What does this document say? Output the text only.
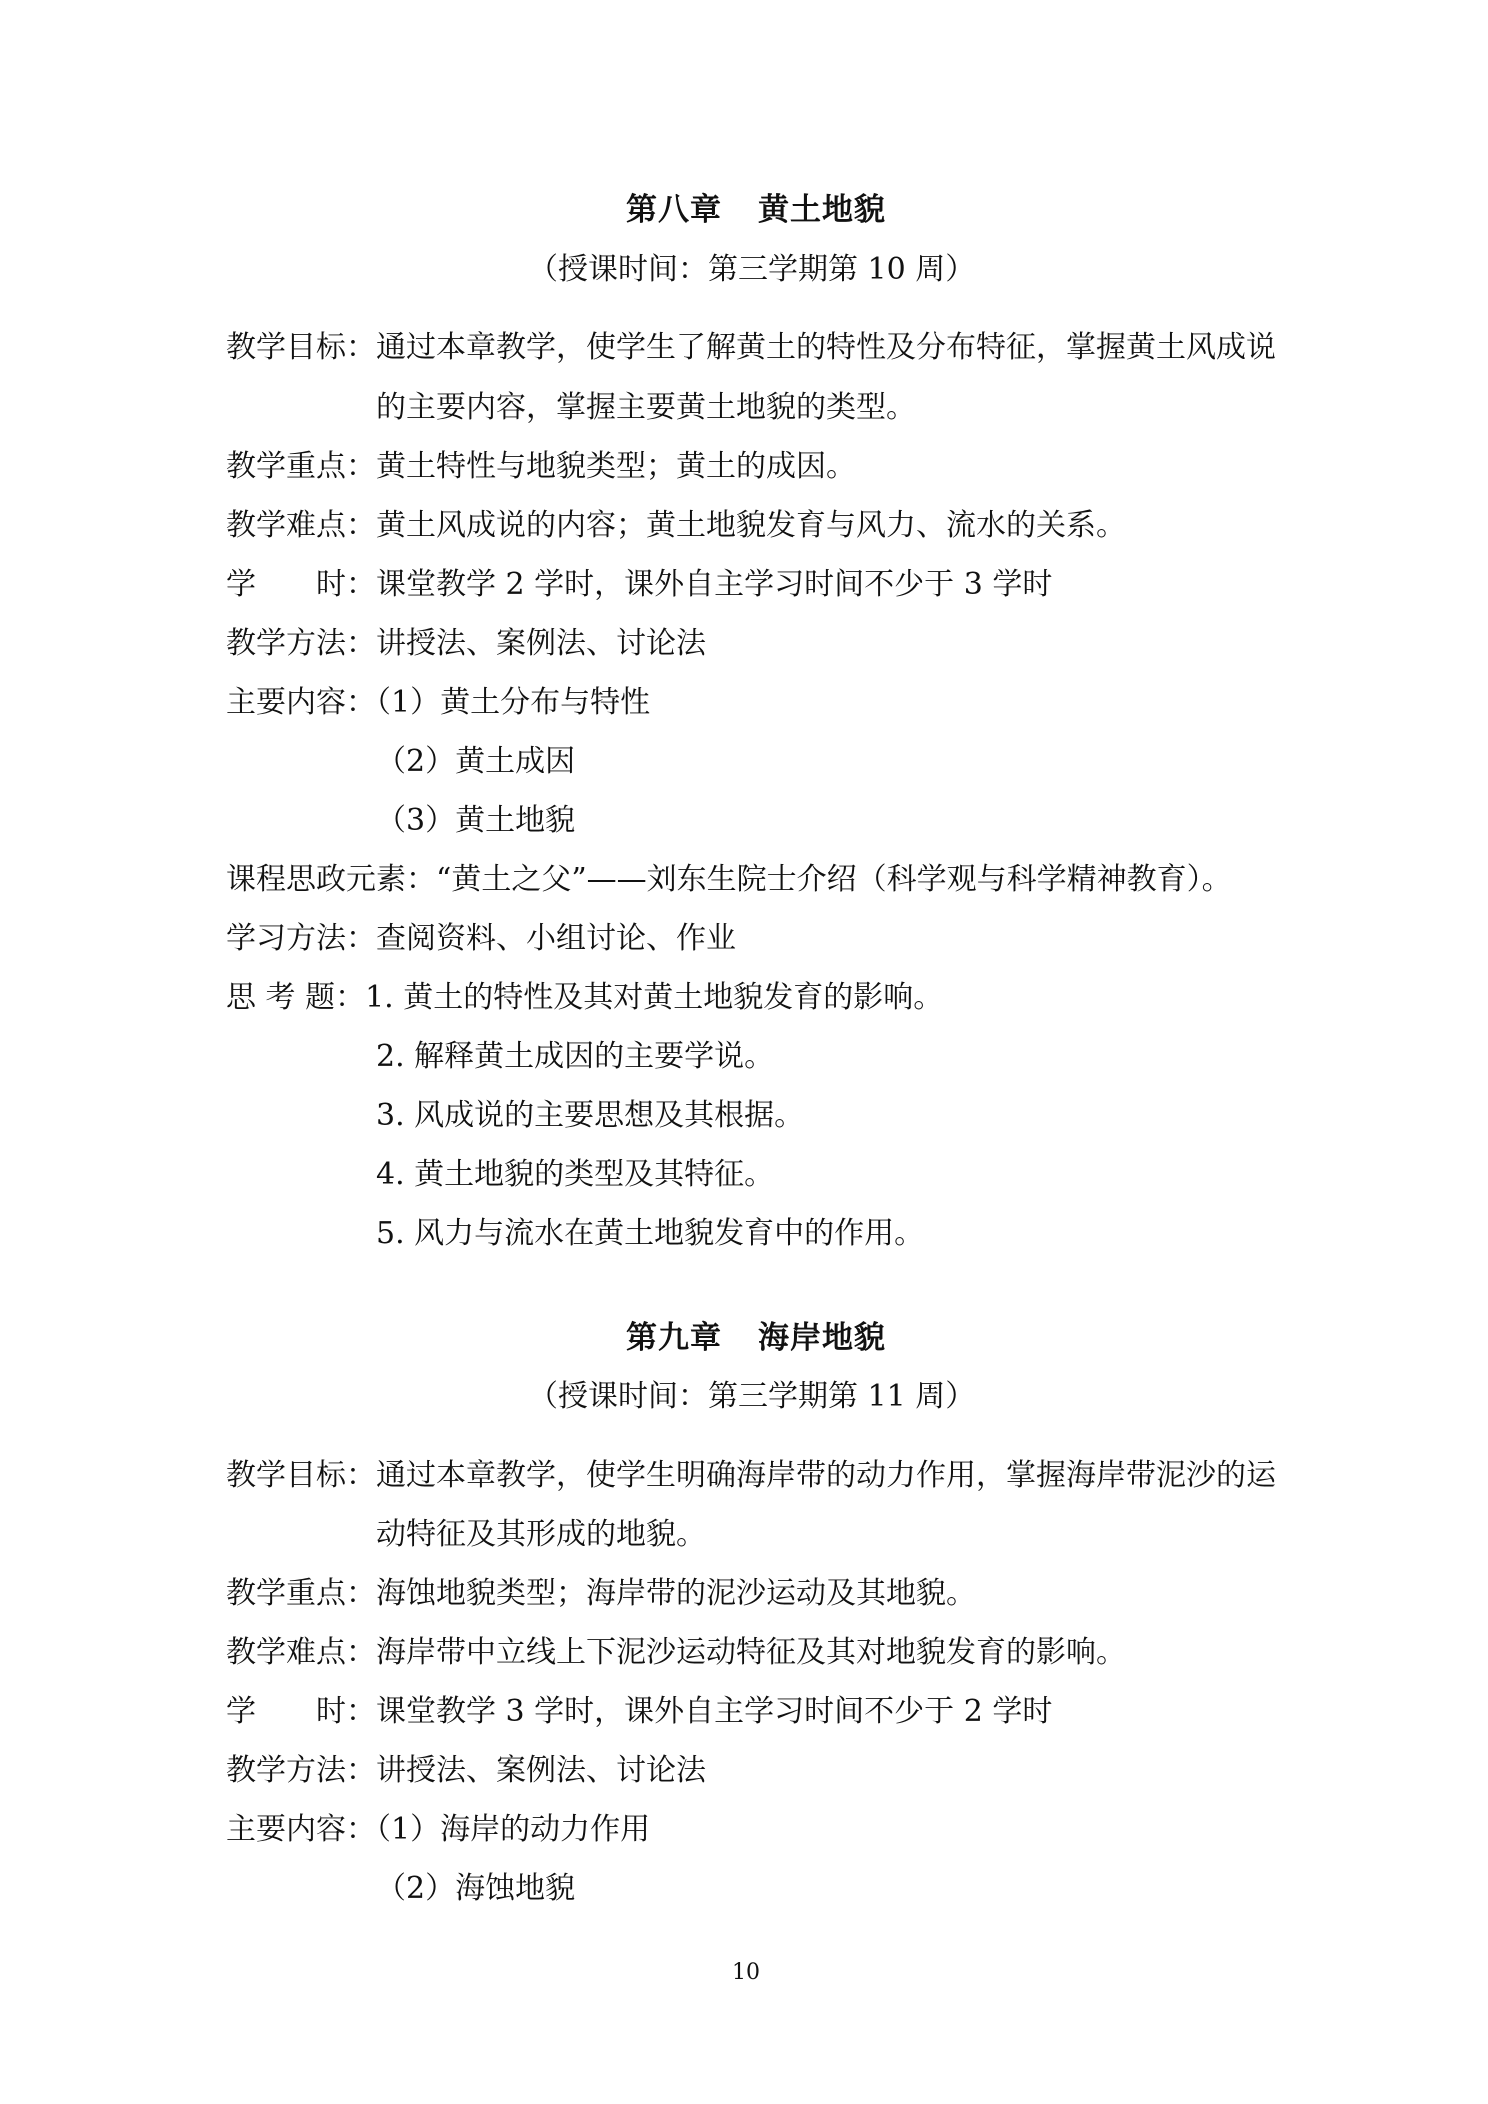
第八章 黄土地貌
（授课时间：第三学期第 10 周）
教学目标：通过本章教学，使学生了解黄土的特性及分布特征，掌握黄土风成说
的主要内容，掌握主要黄土地貌的类型。
教学重点：黄土特性与地貌类型；黄土的成因。
教学难点：黄土风成说的内容；黄土地貌发育与风力、流水的关系。
学　　时：课堂教学 2 学时，课外自主学习时间不少于 3 学时
教学方法：讲授法、案例法、讨论法
主要内容：（1）黄土分布与特性
（2）黄土成因
（3）黄土地貌
课程思政元素：“黄土之父”——刘东生院士介绍（科学观与科学精神教育）。
学习方法：查阅资料、小组讨论、作业
思 考 题：1. 黄土的特性及其对黄土地貌发育的影响。
2. 解释黄土成因的主要学说。
3. 风成说的主要思想及其根据。
4. 黄土地貌的类型及其特征。
5. 风力与流水在黄土地貌发育中的作用。
第九章 海岸地貌
（授课时间：第三学期第 11 周）
教学目标：通过本章教学，使学生明确海岸带的动力作用，掌握海岸带泥沙的运
动特征及其形成的地貌。
教学重点：海蚀地貌类型；海岸带的泥沙运动及其地貌。
教学难点：海岸带中立线上下泥沙运动特征及其对地貌发育的影响。
学　　时：课堂教学 3 学时，课外自主学习时间不少于 2 学时
教学方法：讲授法、案例法、讨论法
主要内容：（1）海岸的动力作用
（2）海蚀地貌
10
